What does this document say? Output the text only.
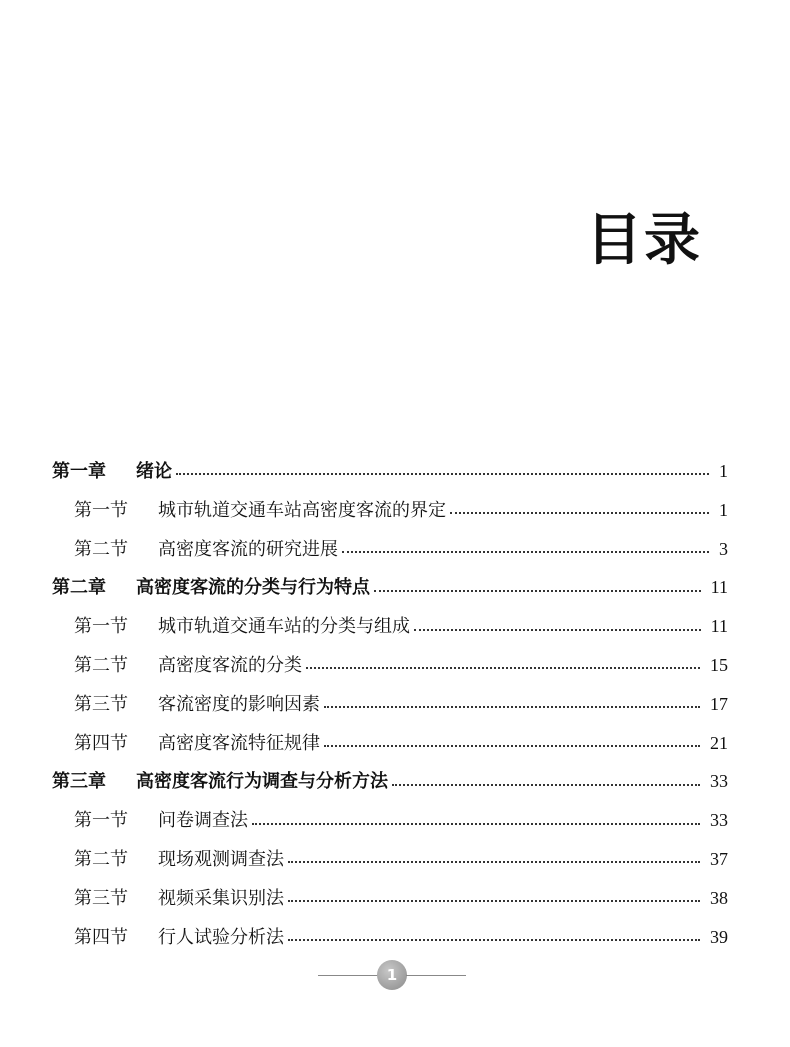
目录
第一章	绪论	1
第一节	城市轨道交通车站高密度客流的界定	1
第二节	高密度客流的研究进展	3
第二章	高密度客流的分类与行为特点	11
第一节	城市轨道交通车站的分类与组成	11
第二节	高密度客流的分类	15
第三节	客流密度的影响因素	17
第四节	高密度客流特征规律	21
第三章	高密度客流行为调查与分析方法	33
第一节	问卷调查法	33
第二节	现场观测调查法	37
第三节	视频采集识别法	38
第四节	行人试验分析法	39
1
